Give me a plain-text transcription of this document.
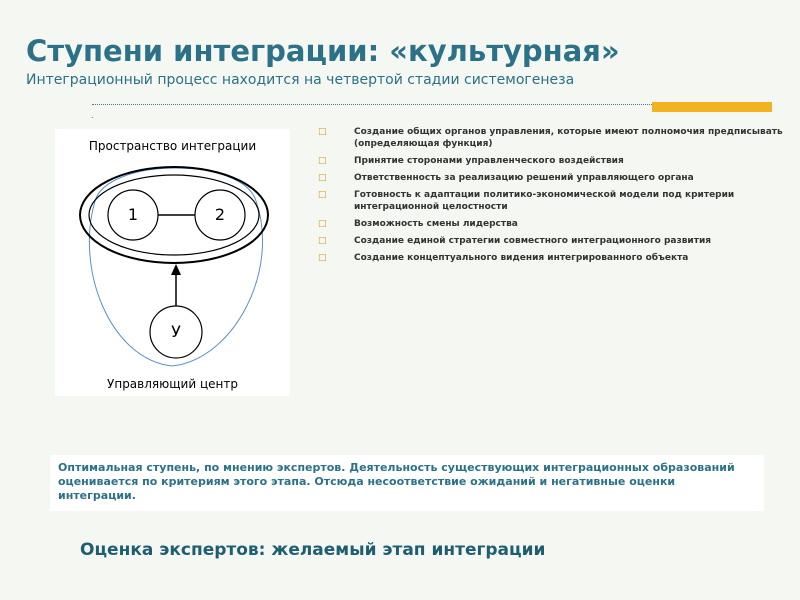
Ступени интеграции: «культурная»
Интеграционный процесс находится на четвертой стадии системогенеза
.
Пространство интеграции
1	2
У
Управляющий центр
□	Создание общих органов управления, которые имеют полномочия предписывать (определяющая функция)
□	Принятие сторонами управленческого воздействия
□	Ответственность за реализацию решений управляющего органа
□	Готовность к адаптации политико-экономической модели под критерии интеграционной целостности
□	Возможность смены лидерства
□	Создание единой стратегии совместного интеграционного развития
□	Создание концептуального видения интегрированного объекта
Оптимальная ступень, по мнению экспертов. Деятельность существующих интеграционных образований оценивается по критериям этого этапа. Отсюда несоответствие ожиданий и негативные оценки интеграции.
Оценка экспертов: желаемый этап интеграции
